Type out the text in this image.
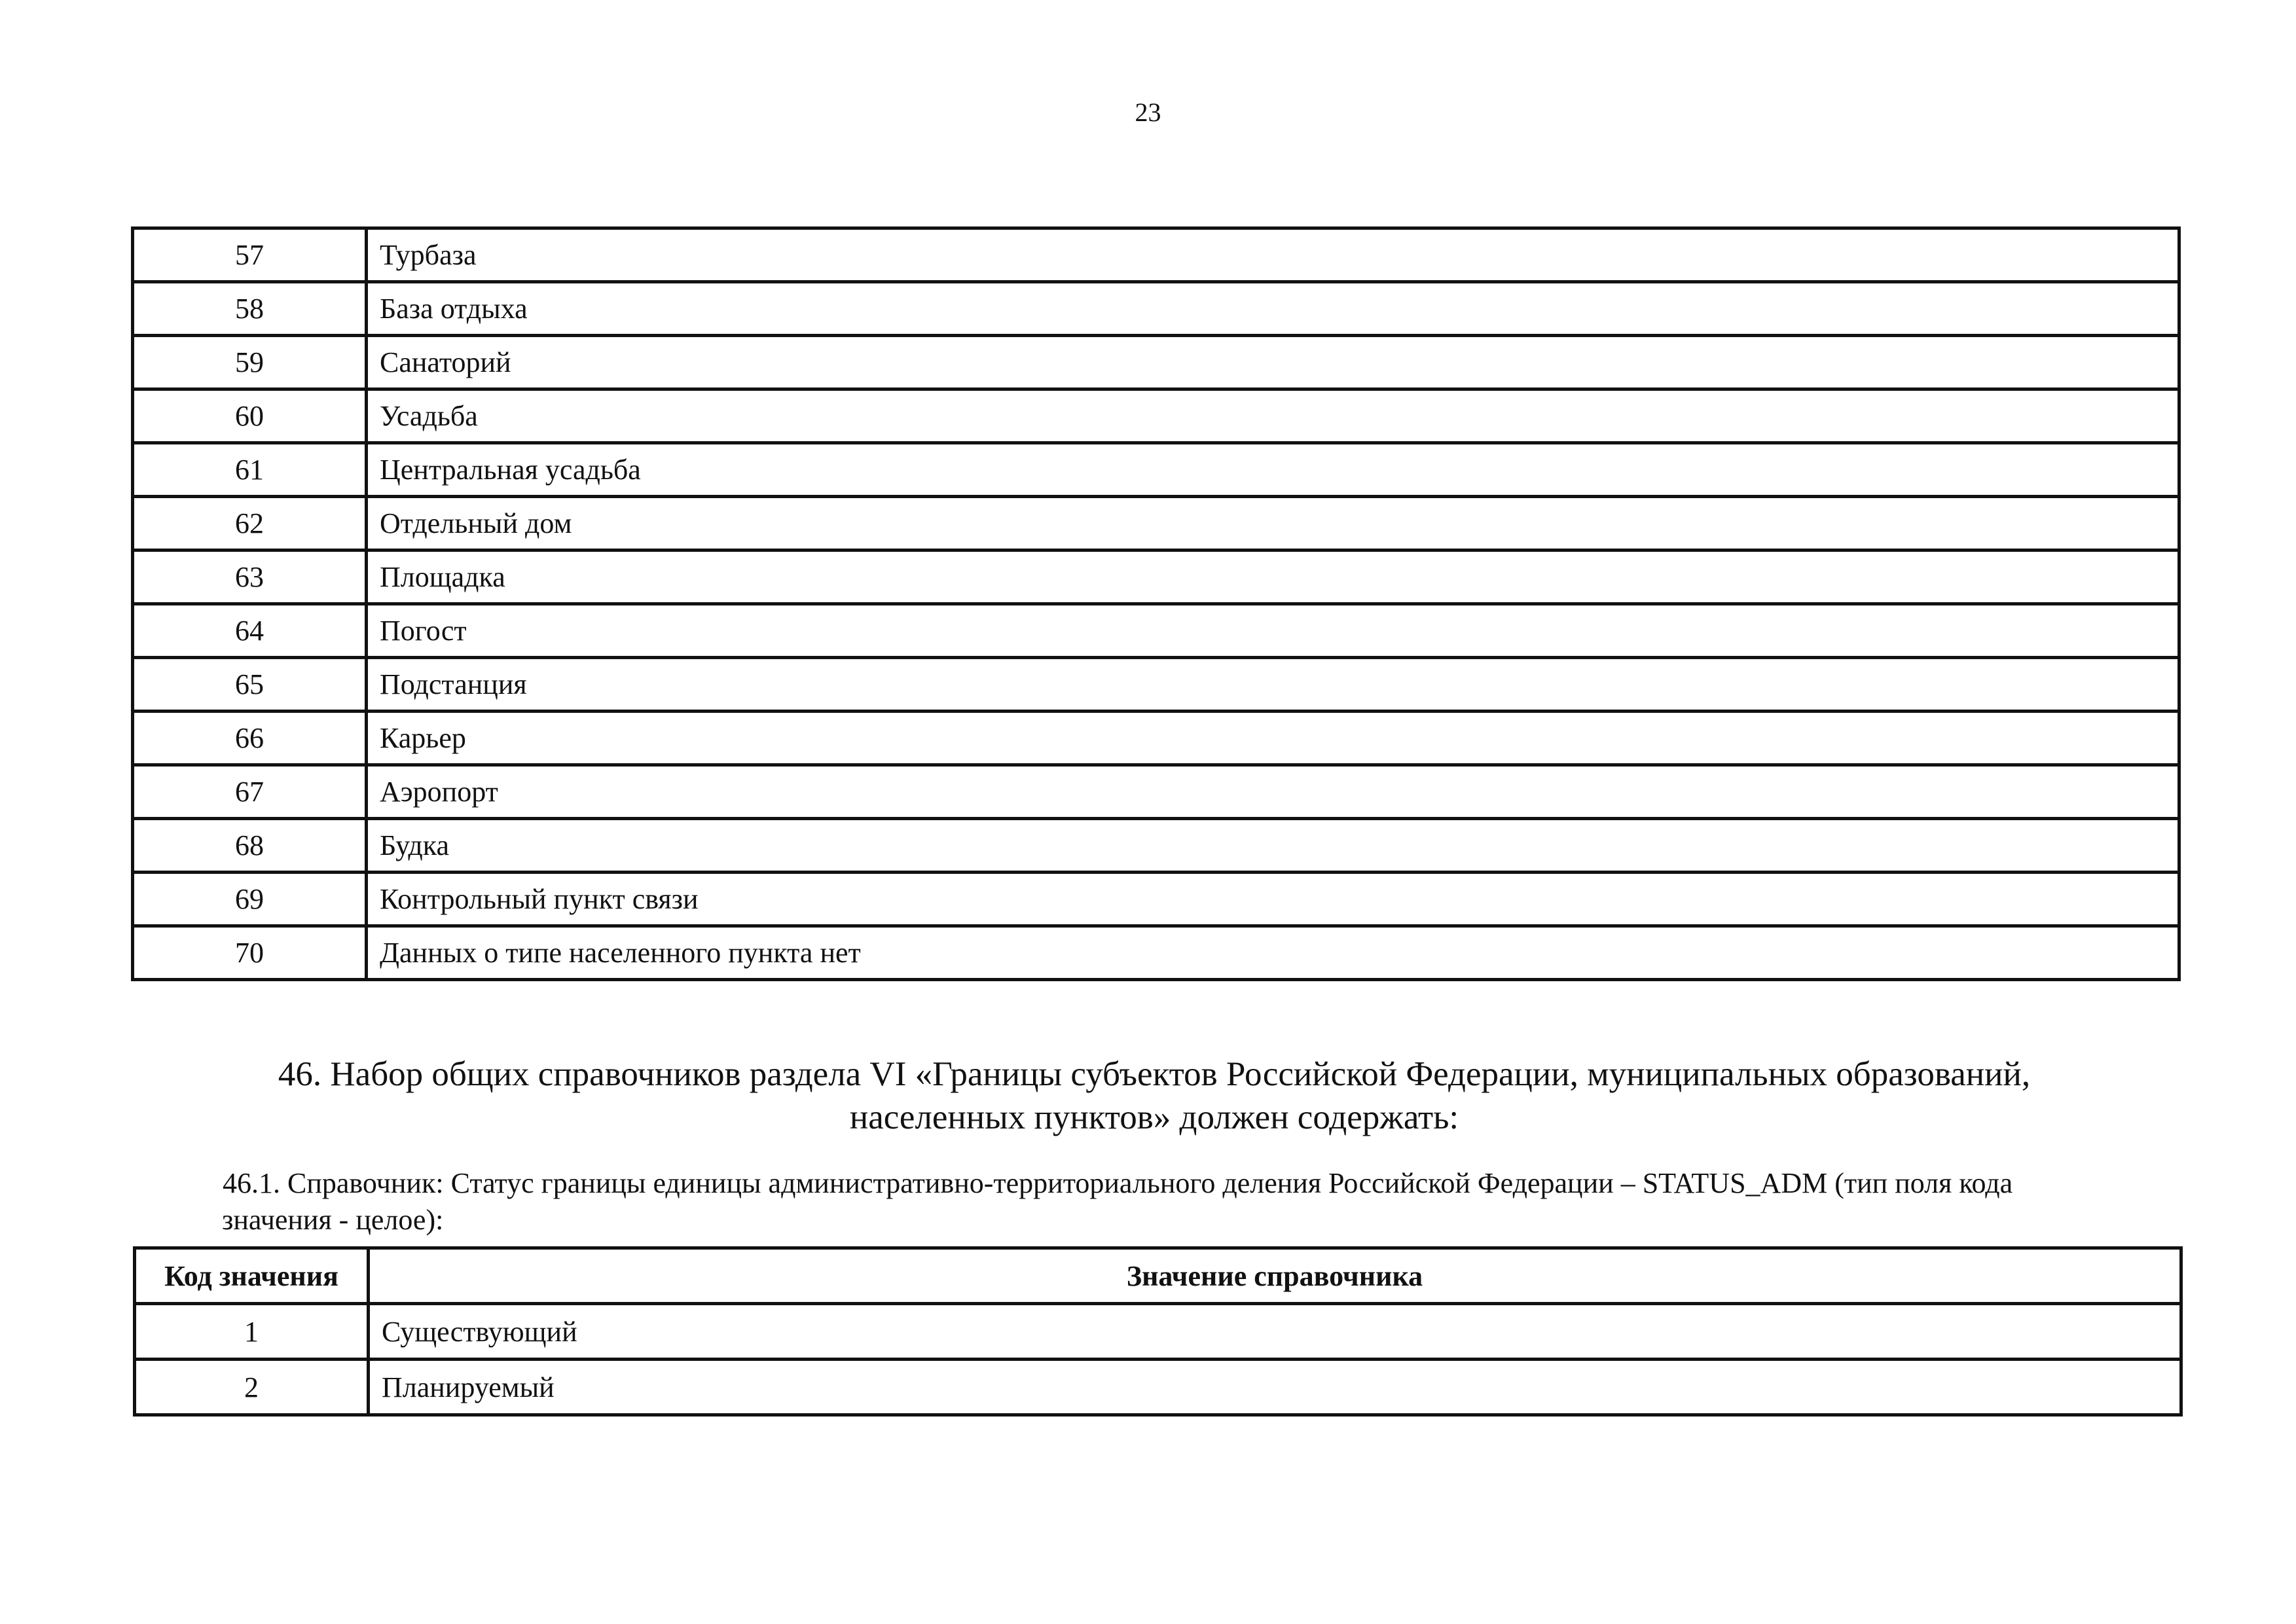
23
57	Турбаза
58	База отдыха
59	Санаторий
60	Усадьба
61	Центральная усадьба
62	Отдельный дом
63	Площадка
64	Погост
65	Подстанция
66	Карьер
67	Аэропорт
68	Будка
69	Контрольный пункт связи
70	Данных о типе населенного пункта нет
46. Набор общих справочников раздела VI «Границы субъектов Российской Федерации, муниципальных образований,
населенных пунктов» должен содержать:
46.1. Справочник: Статус границы единицы административно-территориального деления Российской Федерации – STATUS_ADM (тип поля кода
значения - целое):
Код значения	Значение справочника
1	Существующий
2	Планируемый
